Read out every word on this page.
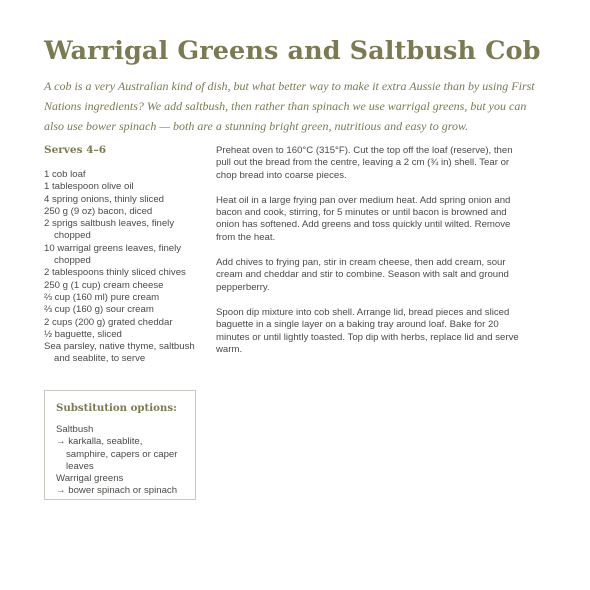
Warrigal Greens and Saltbush Cob

A cob is a very Australian kind of dish, but what better way to make it extra Aussie than by using First Nations ingredients? We add saltbush, then rather than spinach we use warrigal greens, but you can also use bower spinach — both are a stunning bright green, nutritious and easy to grow.

Serves 4–6
1 cob loaf
1 tablespoon olive oil
4 spring onions, thinly sliced
250 g (9 oz) bacon, diced
2 sprigs saltbush leaves, finely chopped
10 warrigal greens leaves, finely chopped
2 tablespoons thinly sliced chives
250 g (1 cup) cream cheese
⅔ cup (160 ml) pure cream
⅔ cup (160 g) sour cream
2 cups (200 g) grated cheddar
½ baguette, sliced
Sea parsley, native thyme, saltbush and seablite, to serve

Preheat oven to 160°C (315°F). Cut the top off the loaf (reserve), then pull out the bread from the centre, leaving a 2 cm (¾ in) shell. Tear or chop bread into coarse pieces.

Heat oil in a large frying pan over medium heat. Add spring onion and bacon and cook, stirring, for 5 minutes or until bacon is browned and onion has softened. Add greens and toss quickly until wilted. Remove from the heat.

Add chives to frying pan, stir in cream cheese, then add cream, sour cream and cheddar and stir to combine. Season with salt and ground pepperberry.

Spoon dip mixture into cob shell. Arrange lid, bread pieces and sliced baguette in a single layer on a baking tray around loaf. Bake for 20 minutes or until lightly toasted. Top dip with herbs, replace lid and serve warm.

Substitution options:
Saltbush
→ karkalla, seablite, samphire, capers or caper leaves
Warrigal greens
→ bower spinach or spinach
